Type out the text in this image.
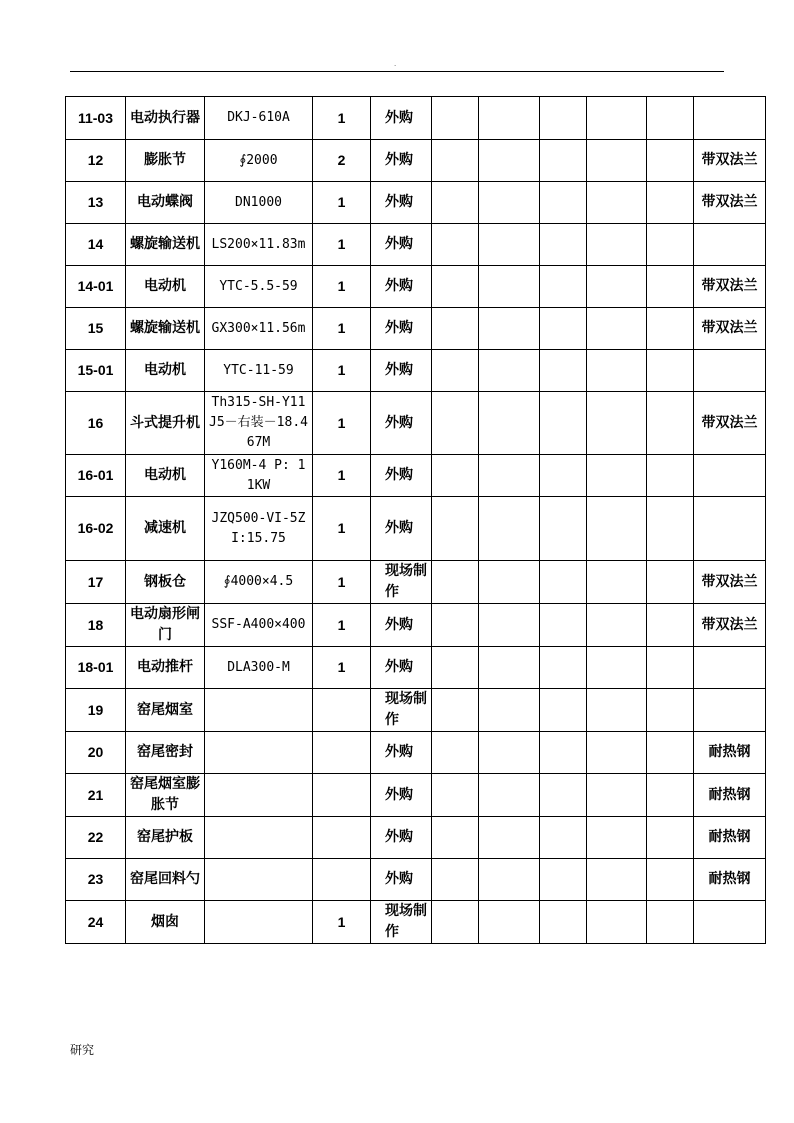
.
11-03	电动执行器	DKJ-610A	1	外购						
12	膨胀节	∮2000	2	外购						带双法兰
13	电动蝶阀	DN1000	1	外购						带双法兰
14	螺旋输送机	LS200×11.83m	1	外购						
14-01	电动机	YTC-5.5-59	1	外购						带双法兰
15	螺旋输送机	GX300×11.56m	1	外购						带双法兰
15-01	电动机	YTC-11-59	1	外购						
16	斗式提升机	Th315-SH-Y11J5－右装－18.467M	1	外购						带双法兰
16-01	电动机	Y160M-4 P: 11KW	1	外购						
16-02	减速机	JZQ500-VI-5Z I:15.75	1	外购						
17	钢板仓	∮4000×4.5	1	现场制作						带双法兰
18	电动扇形闸门	SSF-A400×400	1	外购						带双法兰
18-01	电动推杆	DLA300-M	1	外购						
19	窑尾烟室			现场制作						
20	窑尾密封			外购						耐热钢
21	窑尾烟室膨胀节			外购						耐热钢
22	窑尾护板			外购						耐热钢
23	窑尾回料勺			外购						耐热钢
24	烟囱		1	现场制作						
研究
